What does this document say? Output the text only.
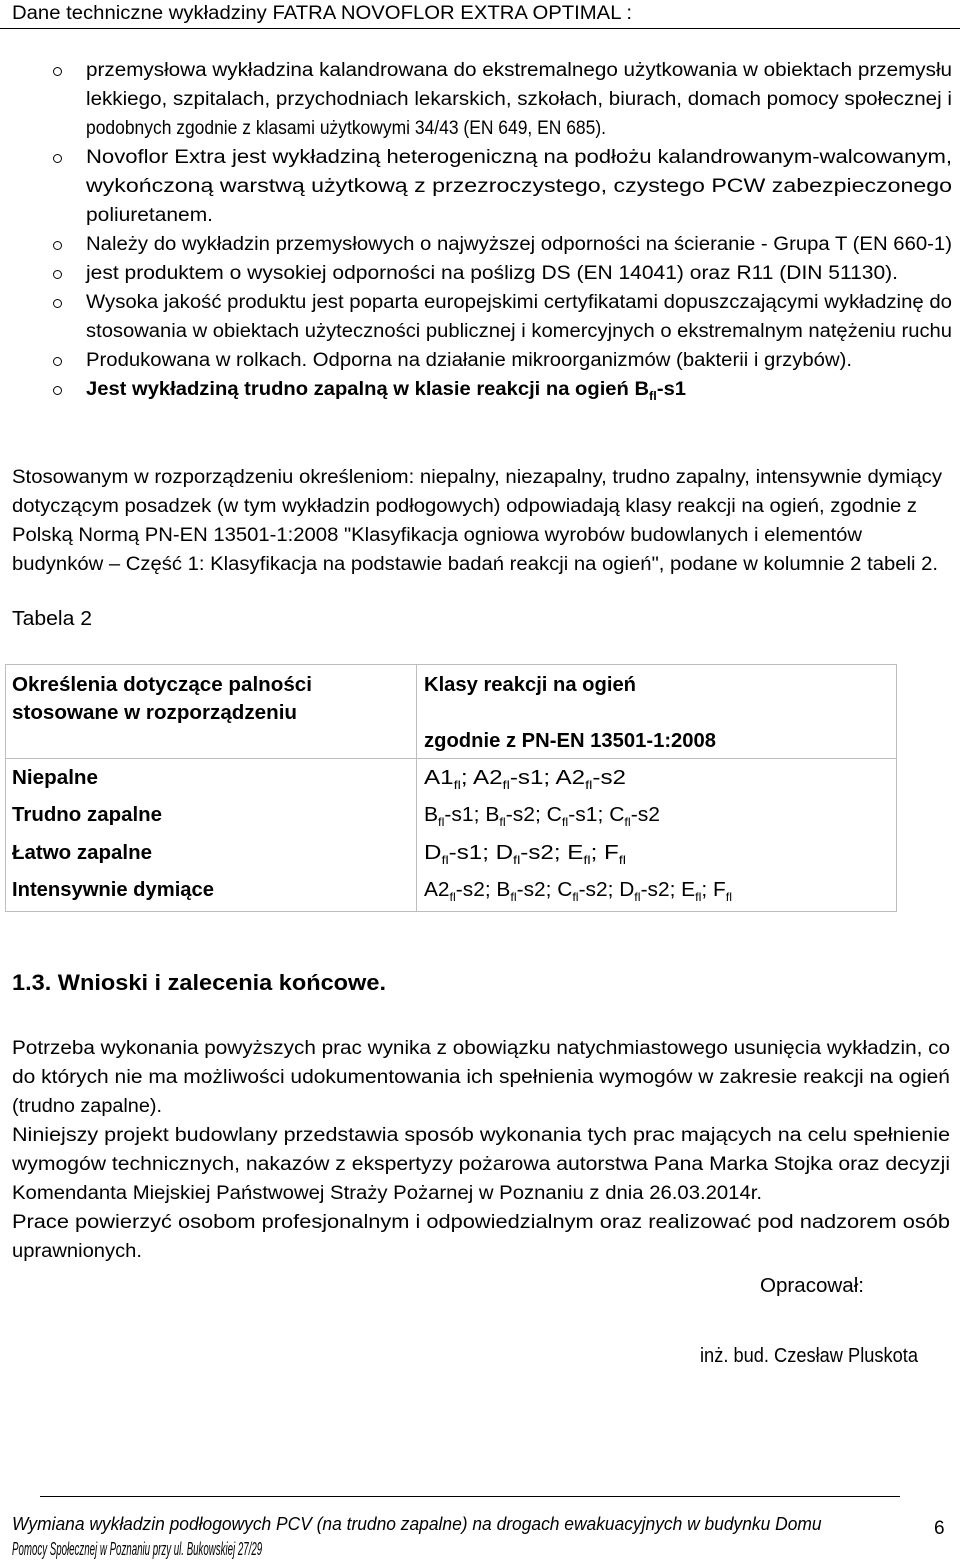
Dane techniczne wykładziny FATRA NOVOFLOR EXTRA OPTIMAL :
przemysłowa wykładzina kalandrowana do ekstremalnego użytkowania w obiektach przemysłu
lekkiego, szpitalach, przychodniach lekarskich, szkołach, biurach, domach pomocy społecznej i
podobnych zgodnie z klasami użytkowymi 34/43 (EN 649, EN 685).
Novoflor Extra jest wykładziną heterogeniczną na podłożu kalandrowanym-walcowanym,
wykończoną warstwą użytkową z przezroczystego, czystego PCW zabezpieczonego
poliuretanem.
Należy do wykładzin przemysłowych o najwyższej odporności na ścieranie - Grupa T (EN 660-1)
jest produktem o wysokiej odporności na poślizg DS (EN 14041) oraz R11 (DIN 51130).
Wysoka jakość produktu jest poparta europejskimi certyfikatami dopuszczającymi wykładzinę do
stosowania w obiektach użyteczności publicznej i komercyjnych o ekstremalnym natężeniu ruchu
Produkowana w rolkach. Odporna na działanie mikroorganizmów (bakterii i grzybów).
Jest wykładziną trudno zapalną w klasie reakcji na ogień $B_{fl}-s1$
Stosowanym w rozporządzeniu określeniom: niepalny, niezapalny, trudno zapalny, intensywnie dymiący
dotyczącym posadzek (w tym wykładzin podłogowych) odpowiadają klasy reakcji na ogień, zgodnie z
Polską Normą PN-EN 13501-1:2008 "Klasyfikacja ogniowa wyrobów budowlanych i elementów
budynków – Część 1: Klasyfikacja na podstawie badań reakcji na ogień", podane w kolumnie 2 tabeli 2.
Tabela 2
Określenia dotyczące palności
stosowane w rozporządzeniu
Klasy reakcji na ogień
zgodnie z PN-EN 13501-1:2008
Niepalne
Trudno zapalne
Łatwo zapalne
Intensywnie dymiące
$A1_{fl}$; $A2_{fl}-s1$; $A2_{fl}-s2$
$B_{fl}-s1$; $B_{fl}-s2$; $C_{fl}-s1$; $C_{fl}-s2$
$D_{fl}-s1$; $D_{fl}-s2$; $E_{fl}$; $F_{fl}$
$A2_{fl}-s2$; $B_{fl}-s2$; $C_{fl}-s2$; $D_{fl}-s2$; $E_{fl}$; $F_{fl}$
1.3. Wnioski i zalecenia końcowe.
Potrzeba wykonania powyższych prac wynika z obowiązku natychmiastowego usunięcia wykładzin, co
do których nie ma możliwości udokumentowania ich spełnienia wymogów w zakresie reakcji na ogień
(trudno zapalne).
Niniejszy projekt budowlany przedstawia sposób wykonania tych prac mających na celu spełnienie
wymogów technicznych, nakazów z ekspertyzy pożarowa autorstwa Pana Marka Stojka oraz decyzji
Komendanta Miejskiej Państwowej Straży Pożarnej w Poznaniu z dnia 26.03.2014r.
Prace powierzyć osobom profesjonalnym i odpowiedzialnym oraz realizować pod nadzorem osób
uprawnionych.
Opracował:
inż. bud. Czesław Pluskota
Wymiana wykładzin podłogowych PCV (na trudno zapalne) na drogach ewakuacyjnych w budynku Domu
Pomocy Społecznej w Poznaniu przy ul. Bukowskiej 27/29
6
